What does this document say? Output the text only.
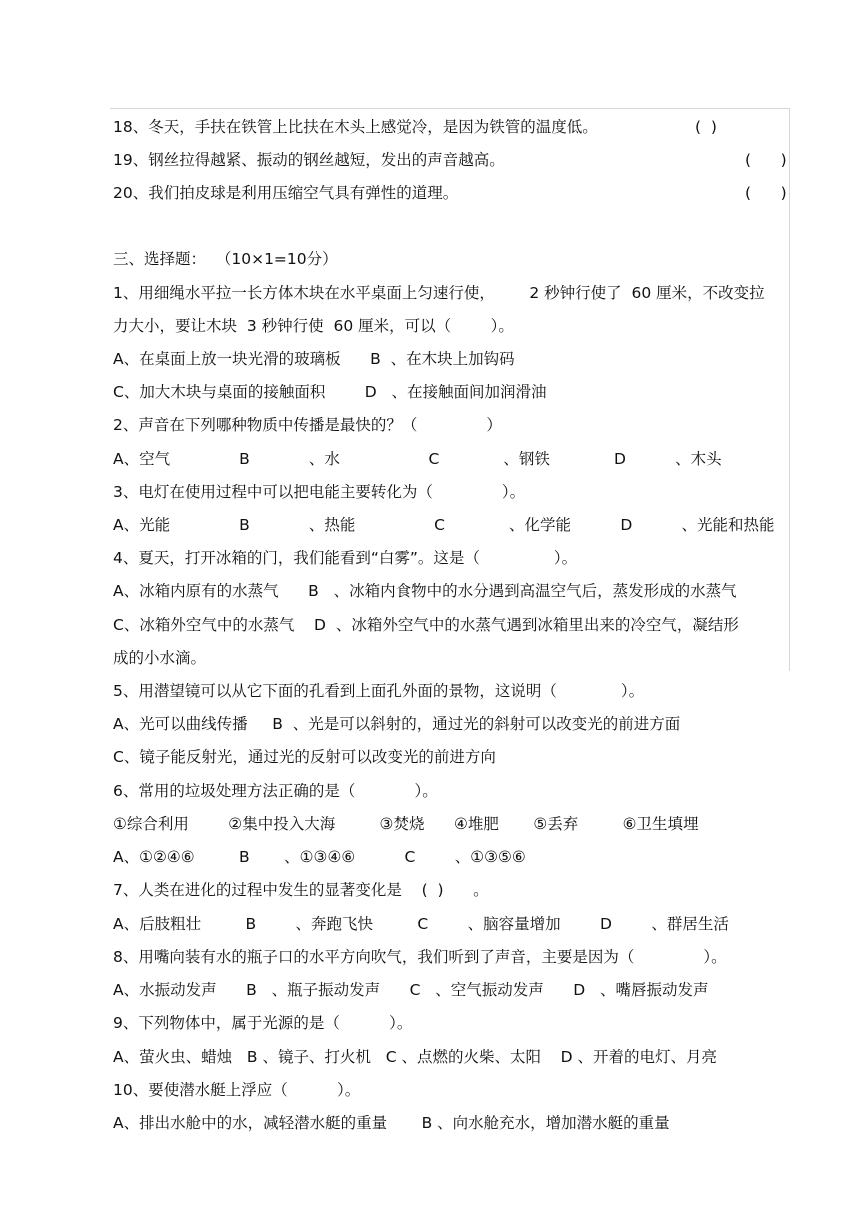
18、冬天，手扶在铁管上比扶在木头上感觉冷，是因为铁管的温度低。	(  )
19、钢丝拉得越紧、振动的钢丝越短，发出的声音越高。	(      )
20、我们拍皮球是利用压缩空气具有弹性的道理。	(      )
三、选择题：  （10×1=10分）
1、用细绳水平拉一长方体木块在水平桌面上匀速行使，       2 秒钟行使了  60 厘米，不改变拉
力大小，要让木块  3 秒钟行使  60 厘米，可以（        ）。
A、在桌面上放一块光滑的玻璃板      B  、在木块上加钩码
C、加大木块与桌面的接触面积        D   、在接触面间加润滑油
2、声音在下列哪种物质中传播是最快的？（              ）
A、空气              B            、水                  C             、钢铁             D          、木头
3、电灯在使用过程中可以把电能主要转化为（              ）。
A、光能              B            、热能                C             、化学能          D          、光能和热能
4、夏天，打开冰箱的门，我们能看到“白雾”。这是（               ）。
A、冰箱内原有的水蒸气      B   、冰箱内食物中的水分遇到高温空气后，蒸发形成的水蒸气
C、冰箱外空气中的水蒸气    D  、冰箱外空气中的水蒸气遇到冰箱里出来的冷空气，凝结形
成的小水滴。
5、用潜望镜可以从它下面的孔看到上面孔外面的景物，这说明（             ）。
A、光可以曲线传播     B  、光是可以斜射的，通过光的斜射可以改变光的前进方面
C、镜子能反射光，通过光的反射可以改变光的前进方向
6、常用的垃圾处理方法正确的是（            ）。
①综合利用        ②集中投入大海         ③焚烧      ④堆肥       ⑤丢弃         ⑥卫生填埋
A、①②④⑥         B       、①③④⑥          C        、①③⑤⑥
7、人类在进化的过程中发生的显著变化是    (  )      。
A、后肢粗壮         B        、奔跑飞快         C        、脑容量增加        D        、群居生活
8、用嘴向装有水的瓶子口的水平方向吹气，我们听到了声音，主要是因为（              ）。
A、水振动发声      B   、瓶子振动发声      C   、空气振动发声      D   、嘴唇振动发声
9、下列物体中，属于光源的是（          ）。
A、萤火虫、蜡烛   B 、镜子、打火机   C 、点燃的火柴、太阳    D 、开着的电灯、月亮
10、要使潜水艇上浮应（          ）。
A、排出水舱中的水，减轻潜水艇的重量       B 、向水舱充水，增加潜水艇的重量
